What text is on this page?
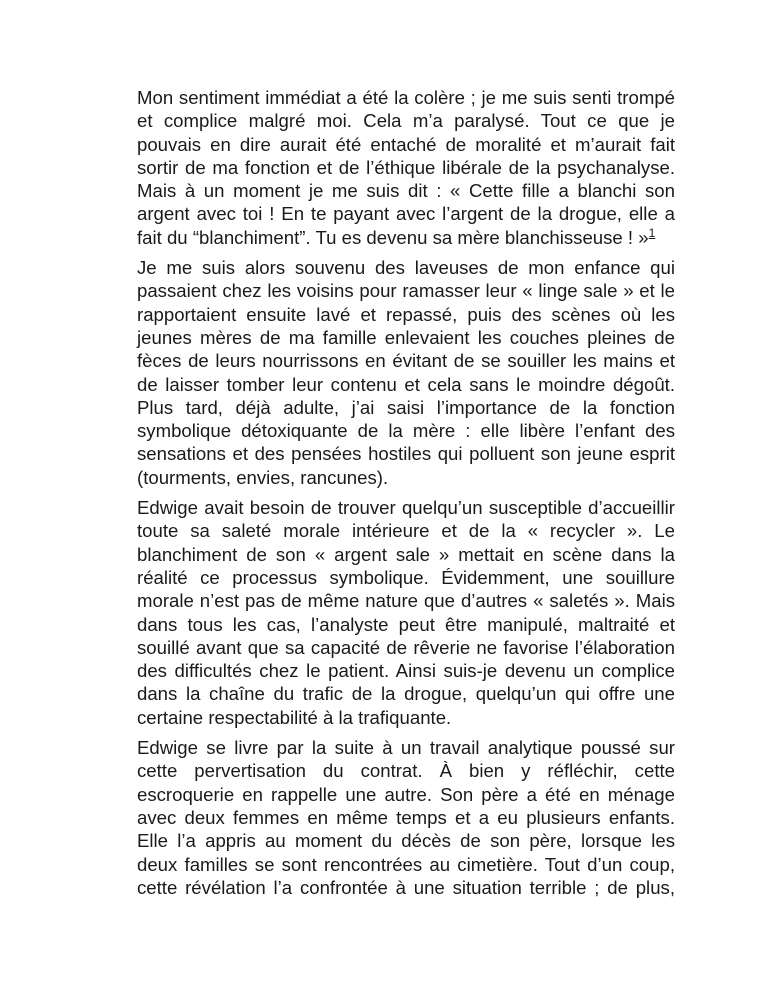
Mon sentiment immédiat a été la colère ; je me suis senti trompé et complice malgré moi. Cela m’a paralysé. Tout ce que je pouvais en dire aurait été entaché de moralité et m’aurait fait sortir de ma fonction et de l’éthique libérale de la psychanalyse. Mais à un moment je me suis dit : « Cette fille a blanchi son argent avec toi ! En te payant avec l’argent de la drogue, elle a fait du “blanchiment”. Tu es devenu sa mère blanchisseuse ! »$^1$

Je me suis alors souvenu des laveuses de mon enfance qui passaient chez les voisins pour ramasser leur « linge sale » et le rapportaient ensuite lavé et repassé, puis des scènes où les jeunes mères de ma famille enlevaient les couches pleines de fèces de leurs nourrissons en évitant de se souiller les mains et de laisser tomber leur contenu et cela sans le moindre dégoût. Plus tard, déjà adulte, j’ai saisi l’importance de la fonction symbolique détoxiquante de la mère : elle libère l’enfant des sensations et des pensées hostiles qui polluent son jeune esprit (tourments, envies, rancunes).

Edwige avait besoin de trouver quelqu’un susceptible d’accueillir toute sa saleté morale intérieure et de la « recycler ». Le blanchiment de son « argent sale » mettait en scène dans la réalité ce processus symbolique. Évidemment, une souillure morale n’est pas de même nature que d’autres « saletés ». Mais dans tous les cas, l’analyste peut être manipulé, maltraité et souillé avant que sa capacité de rêverie ne favorise l’élaboration des difficultés chez le patient. Ainsi suis-je devenu un complice dans la chaîne du trafic de la drogue, quelqu’un qui offre une certaine respectabilité à la trafiquante.

Edwige se livre par la suite à un travail analytique poussé sur cette pervertisation du contrat. À bien y réfléchir, cette escroquerie en rappelle une autre. Son père a été en ménage avec deux femmes en même temps et a eu plusieurs enfants. Elle l’a appris au moment du décès de son père, lorsque les deux familles se sont rencontrées au cimetière. Tout d’un coup, cette révélation l’a confrontée à une situation terrible ; de plus,
